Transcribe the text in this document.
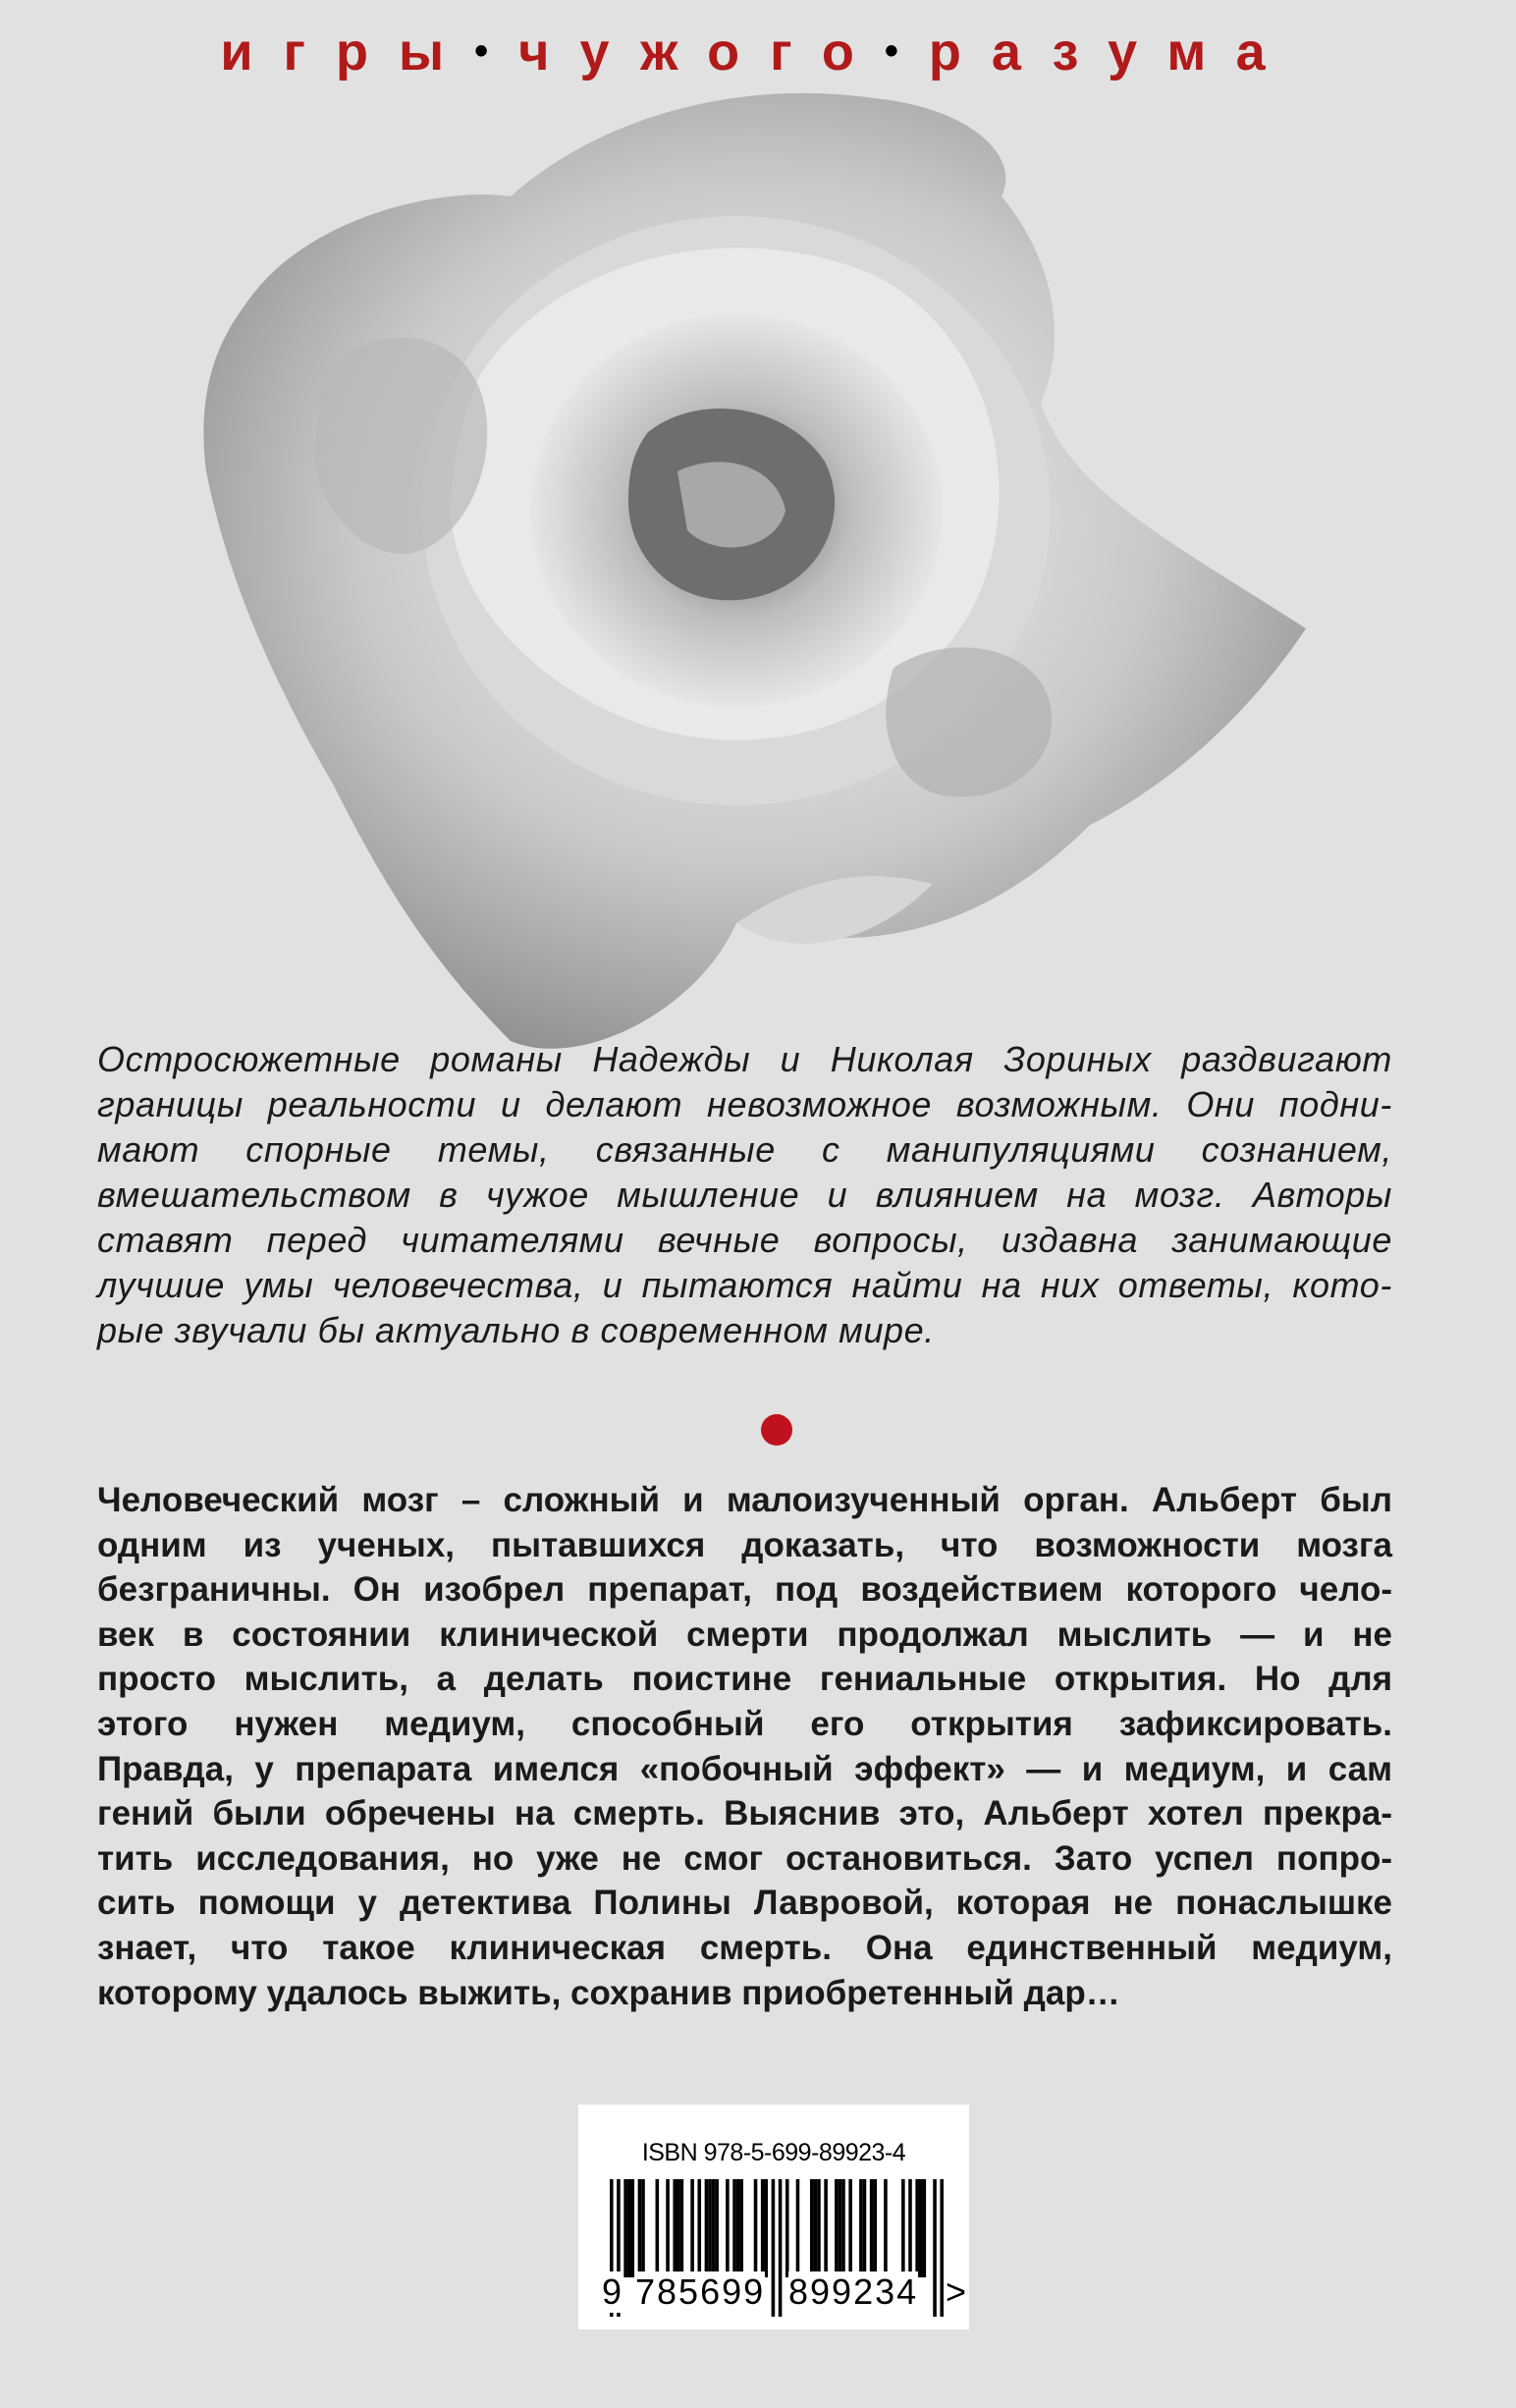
игры•чужого•разума
Остросюжетные романы Надежды и Николая Зориных раздвигают
границы реальности и делают невозможное возможным. Они подни-
мают спорные темы, связанные с манипуляциями сознанием,
вмешательством в чужое мышление и влиянием на мозг. Авторы
ставят перед читателями вечные вопросы, издавна занимающие
лучшие умы человечества, и пытаются найти на них ответы, кото-
рые звучали бы актуально в современном мире.
Человеческий мозг – сложный и малоизученный орган. Альберт был
одним из ученых, пытавшихся доказать, что возможности мозга
безграничны. Он изобрел препарат, под воздействием которого чело-
век в состоянии клинической смерти продолжал мыслить — и не
просто мыслить, а делать поистине гениальные открытия. Но для
этого нужен медиум, способный его открытия зафиксировать.
Правда, у препарата имелся «побочный эффект» — и медиум, и сам
гений были обречены на смерть. Выяснив это, Альберт хотел прекра-
тить исследования, но уже не смог остановиться. Зато успел попро-
сить помощи у детектива Полины Лавровой, которая не понаслышке
знает, что такое клиническая смерть. Она единственный медиум,
которому удалось выжить, сохранив приобретенный дар…
ISBN 978-5-699-89923-4
9 785699 899234 >
